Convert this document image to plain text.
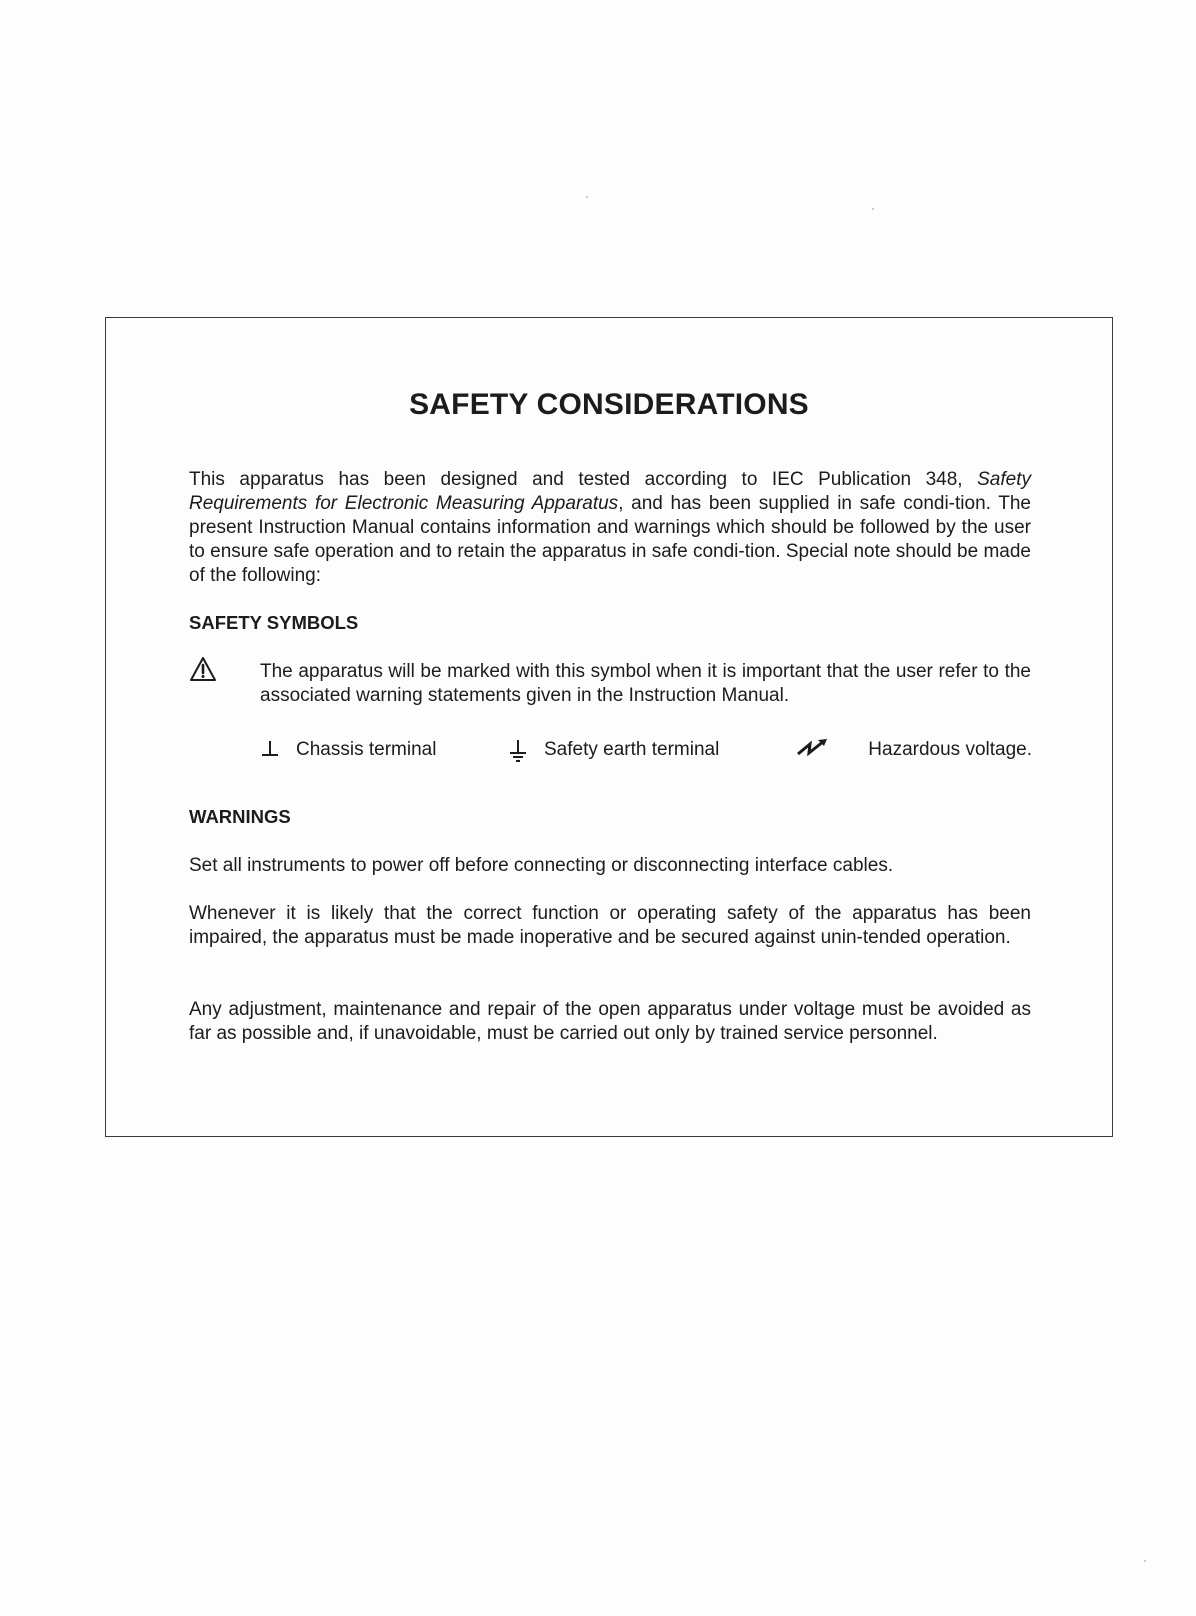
SAFETY CONSIDERATIONS

This apparatus has been designed and tested according to IEC Publication 348, Safety Requirements for Electronic Measuring Apparatus, and has been supplied in safe condi-tion. The present Instruction Manual contains information and warnings which should be followed by the user to ensure safe operation and to retain the apparatus in safe condi-tion. Special note should be made of the following:

SAFETY SYMBOLS

The apparatus will be marked with this symbol when it is important that the user refer to the associated warning statements given in the Instruction Manual.

Chassis terminal	Safety earth terminal	Hazardous voltage.
WARNINGS

Set all instruments to power off before connecting or disconnecting interface cables.

Whenever it is likely that the correct function or operating safety of the apparatus has been impaired, the apparatus must be made inoperative and be secured against unin-tended operation.

Any adjustment, maintenance and repair of the open apparatus under voltage must be avoided as far as possible and, if unavoidable, must be carried out only by trained service personnel.
